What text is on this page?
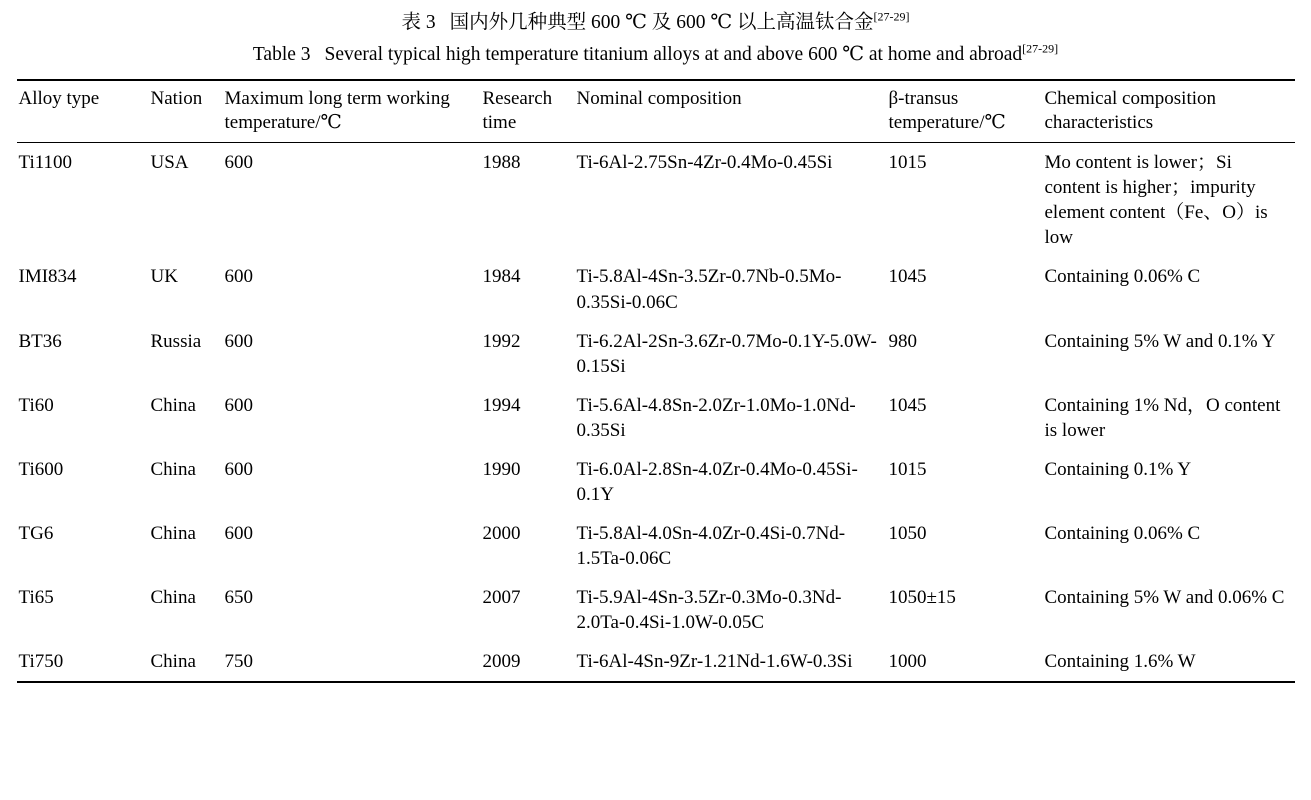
表 3 国内外几种典型 600 ℃ 及 600 ℃ 以上高温钛合金[27-29]
Table 3 Several typical high temperature titanium alloys at and above 600 ℃ at home and abroad[27-29]
Alloy type	Nation	Maximum long term working temperature/℃	Research time	Nominal composition	β-transus temperature/℃	Chemical composition characteristics
Ti1100	USA	600	1988	Ti-6Al-2.75Sn-4Zr-0.4Mo-0.45Si	1015	Mo content is lower；Si content is higher；impurity element content（Fe、O）is low
IMI834	UK	600	1984	Ti-5.8Al-4Sn-3.5Zr-0.7Nb-0.5Mo-0.35Si-0.06C	1045	Containing 0.06% C
BT36	Russia	600	1992	Ti-6.2Al-2Sn-3.6Zr-0.7Mo-0.1Y-5.0W-0.15Si	980	Containing 5% W and 0.1% Y
Ti60	China	600	1994	Ti-5.6Al-4.8Sn-2.0Zr-1.0Mo-1.0Nd-0.35Si	1045	Containing 1% Nd，O content is lower
Ti600	China	600	1990	Ti-6.0Al-2.8Sn-4.0Zr-0.4Mo-0.45Si-0.1Y	1015	Containing 0.1% Y
TG6	China	600	2000	Ti-5.8Al-4.0Sn-4.0Zr-0.4Si-0.7Nd-1.5Ta-0.06C	1050	Containing 0.06% C
Ti65	China	650	2007	Ti-5.9Al-4Sn-3.5Zr-0.3Mo-0.3Nd-2.0Ta-0.4Si-1.0W-0.05C	1050±15	Containing 5% W and 0.06% C
Ti750	China	750	2009	Ti-6Al-4Sn-9Zr-1.21Nd-1.6W-0.3Si	1000	Containing 1.6% W
